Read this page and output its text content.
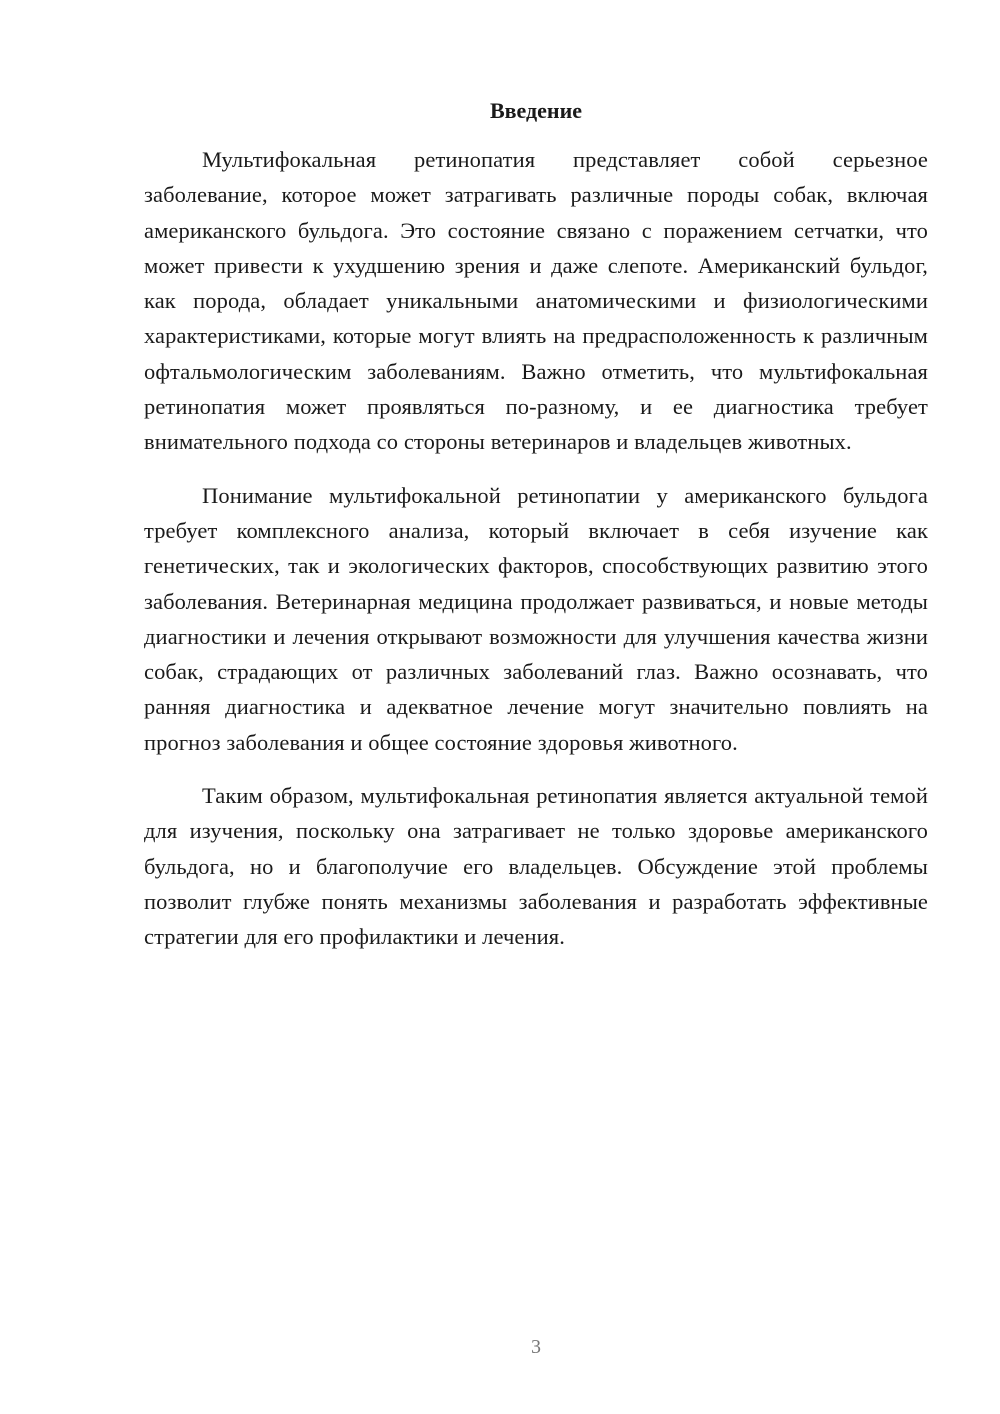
Введение

Мультифокальная ретинопатия представляет собой серьезное заболевание, которое может затрагивать различные породы собак, включая американского бульдога. Это состояние связано с поражением сетчатки, что может привести к ухудшению зрения и даже слепоте. Американский бульдог, как порода, обладает уникальными анатомическими и физиологическими характеристиками, которые могут влиять на предрасположенность к различным офтальмологическим заболеваниям. Важно отметить, что мультифокальная ретинопатия может проявляться по-разному, и ее диагностика требует внимательного подхода со стороны ветеринаров и владельцев животных.

Понимание мультифокальной ретинопатии у американского бульдога требует комплексного анализа, который включает в себя изучение как генетических, так и экологических факторов, способствующих развитию этого заболевания. Ветеринарная медицина продолжает развиваться, и новые методы диагностики и лечения открывают возможности для улучшения качества жизни собак, страдающих от различных заболеваний глаз. Важно осознавать, что ранняя диагностика и адекватное лечение могут значительно повлиять на прогноз заболевания и общее состояние здоровья животного.

Таким образом, мультифокальная ретинопатия является актуальной темой для изучения, поскольку она затрагивает не только здоровье американского бульдога, но и благополучие его владельцев. Обсуждение этой проблемы позволит глубже понять механизмы заболевания и разработать эффективные стратегии для его профилактики и лечения.

3
